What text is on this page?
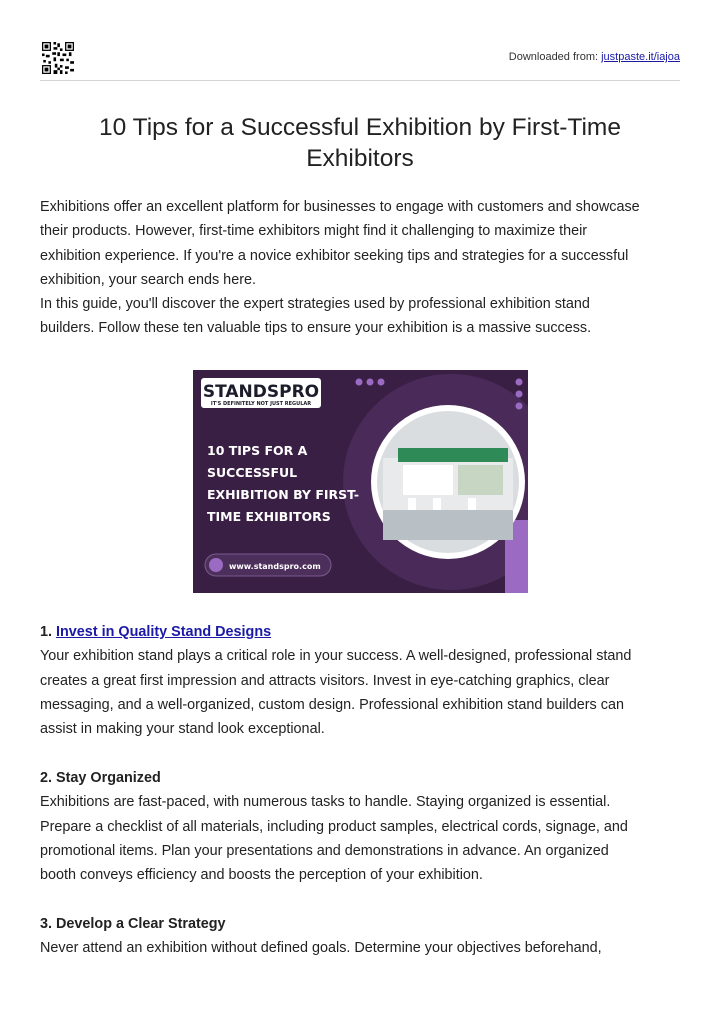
Downloaded from: justpaste.it/iajoa
10 Tips for a Successful Exhibition by First-Time
Exhibitors

Exhibitions offer an excellent platform for businesses to engage with customers and showcase

their products. However, first-time exhibitors might find it challenging to maximize their

exhibition experience. If you're a novice exhibitor seeking tips and strategies for a successful

exhibition, your search ends here.

In this guide, you'll discover the expert strategies used by professional exhibition stand

builders. Follow these ten valuable tips to ensure your exhibition is a massive success.

STANDSPRO
IT'S DEFINITELY NOT JUST REGULAR
10 TIPS FOR A
SUCCESSFUL
EXHIBITION BY FIRST-
TIME EXHIBITORS
www.standspro.com

1. Invest in Quality Stand Designs

Your exhibition stand plays a critical role in your success. A well-designed, professional stand

creates a great first impression and attracts visitors. Invest in eye-catching graphics, clear

messaging, and a well-organized, custom design. Professional exhibition stand builders can

assist in making your stand look exceptional.

2. Stay Organized

Exhibitions are fast-paced, with numerous tasks to handle. Staying organized is essential.

Prepare a checklist of all materials, including product samples, electrical cords, signage, and

promotional items. Plan your presentations and demonstrations in advance. An organized

booth conveys efficiency and boosts the perception of your exhibition.

3. Develop a Clear Strategy

Never attend an exhibition without defined goals. Determine your objectives beforehand,
